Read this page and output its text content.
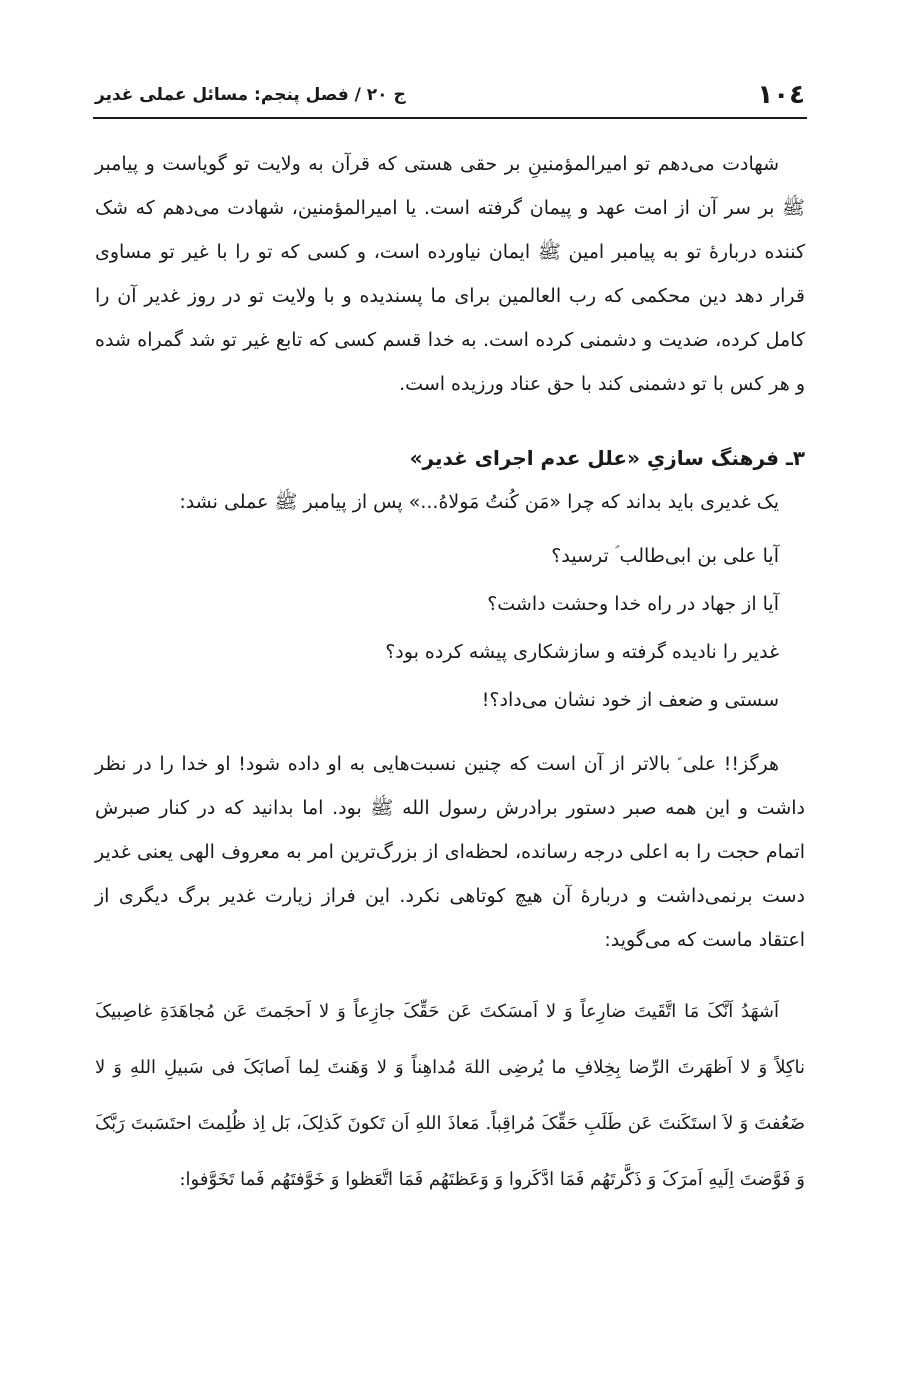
١٠٤
ج ٢٠ / فصل پنجم: مسائل عملی غدیر

شهادت می‌دهم تو امیرالمؤمنینِ بر حقی هستی که قرآن به ولایت تو گویاست و پیامبر ﷺ بر سر آن از امت عهد و پیمان گرفته است. یا امیرالمؤمنین، شهادت می‌دهم که شک کننده دربارهٔ تو به پیامبر امین ﷺ ایمان نیاورده است، و کسی که تو را با غیر تو مساوی قرار دهد دین محکمی که رب العالمین برای ما پسندیده و با ولایت تو در روز غدیر آن را کامل کرده، ضدیت و دشمنی کرده است. به خدا قسم کسی که تابع غیر تو شد گمراه شده و هر کس با تو دشمنی کند با حق عناد ورزیده است.

۳ـ فرهنگ سازیِ «علل عدم اجرای غدیر»

یک غدیری باید بداند که چرا «مَن کُنتُ مَولاهُ...» پس از پیامبر ﷺ عملی نشد:

آیا علی بن ابی‌طالب ؑ ترسید؟
آیا از جهاد در راه خدا وحشت داشت؟
غدیر را نادیده گرفته و سازشکاری پیشه کرده بود؟
سستی و ضعف از خود نشان می‌داد؟!

هرگز!! علی ؑ بالاتر از آن است که چنین نسبت‌هایی به او داده شود! او خدا را در نظر داشت و این همه صبر دستور برادرش رسول الله ﷺ بود. اما بدانید که در کنار صبرش اتمام حجت را به اعلی درجه رسانده، لحظه‌ای از بزرگ‌ترین امر به معروف الهی یعنی غدیر دست برنمی‌داشت و دربارهٔ آن هیچ کوتاهی نکرد. این فراز زیارت غدیر برگ دیگری از اعتقاد ماست که می‌گوید:

اَشهَدُ اَنَّکَ مَا اتَّقَیتَ ضارِعاً وَ لا اَمسَکتَ عَن حَقِّکَ جازِعاً وَ لا اَحجَمتَ عَن مُجاهَدَةِ غاصِبیکَ ناکِلاً وَ لا اَظهَرتَ الرِّضا بِخِلافِ ما یُرضِی اللهَ مُداهِناً وَ لا وَهَنتَ لِما اَصابَکَ فی سَبیلِ اللهِ وَ لا ضَعُفتَ وَ لاَ استَکَنتَ عَن طَلَبِ حَقِّکَ مُراقِباً. مَعاذَ اللهِ اَن تَکونَ کَذلِکَ، بَل اِذ ظُلِمتَ احتَسَبتَ رَبَّکَ وَ فَوَّضتَ اِلَیهِ اَمرَکَ وَ ذَکَّرتَهُم فَمَا ادَّکَروا وَ وَعَظتَهُم فَمَا اتَّعَظوا وَ خَوَّفتَهُم فَما تَخَوَّفوا:
